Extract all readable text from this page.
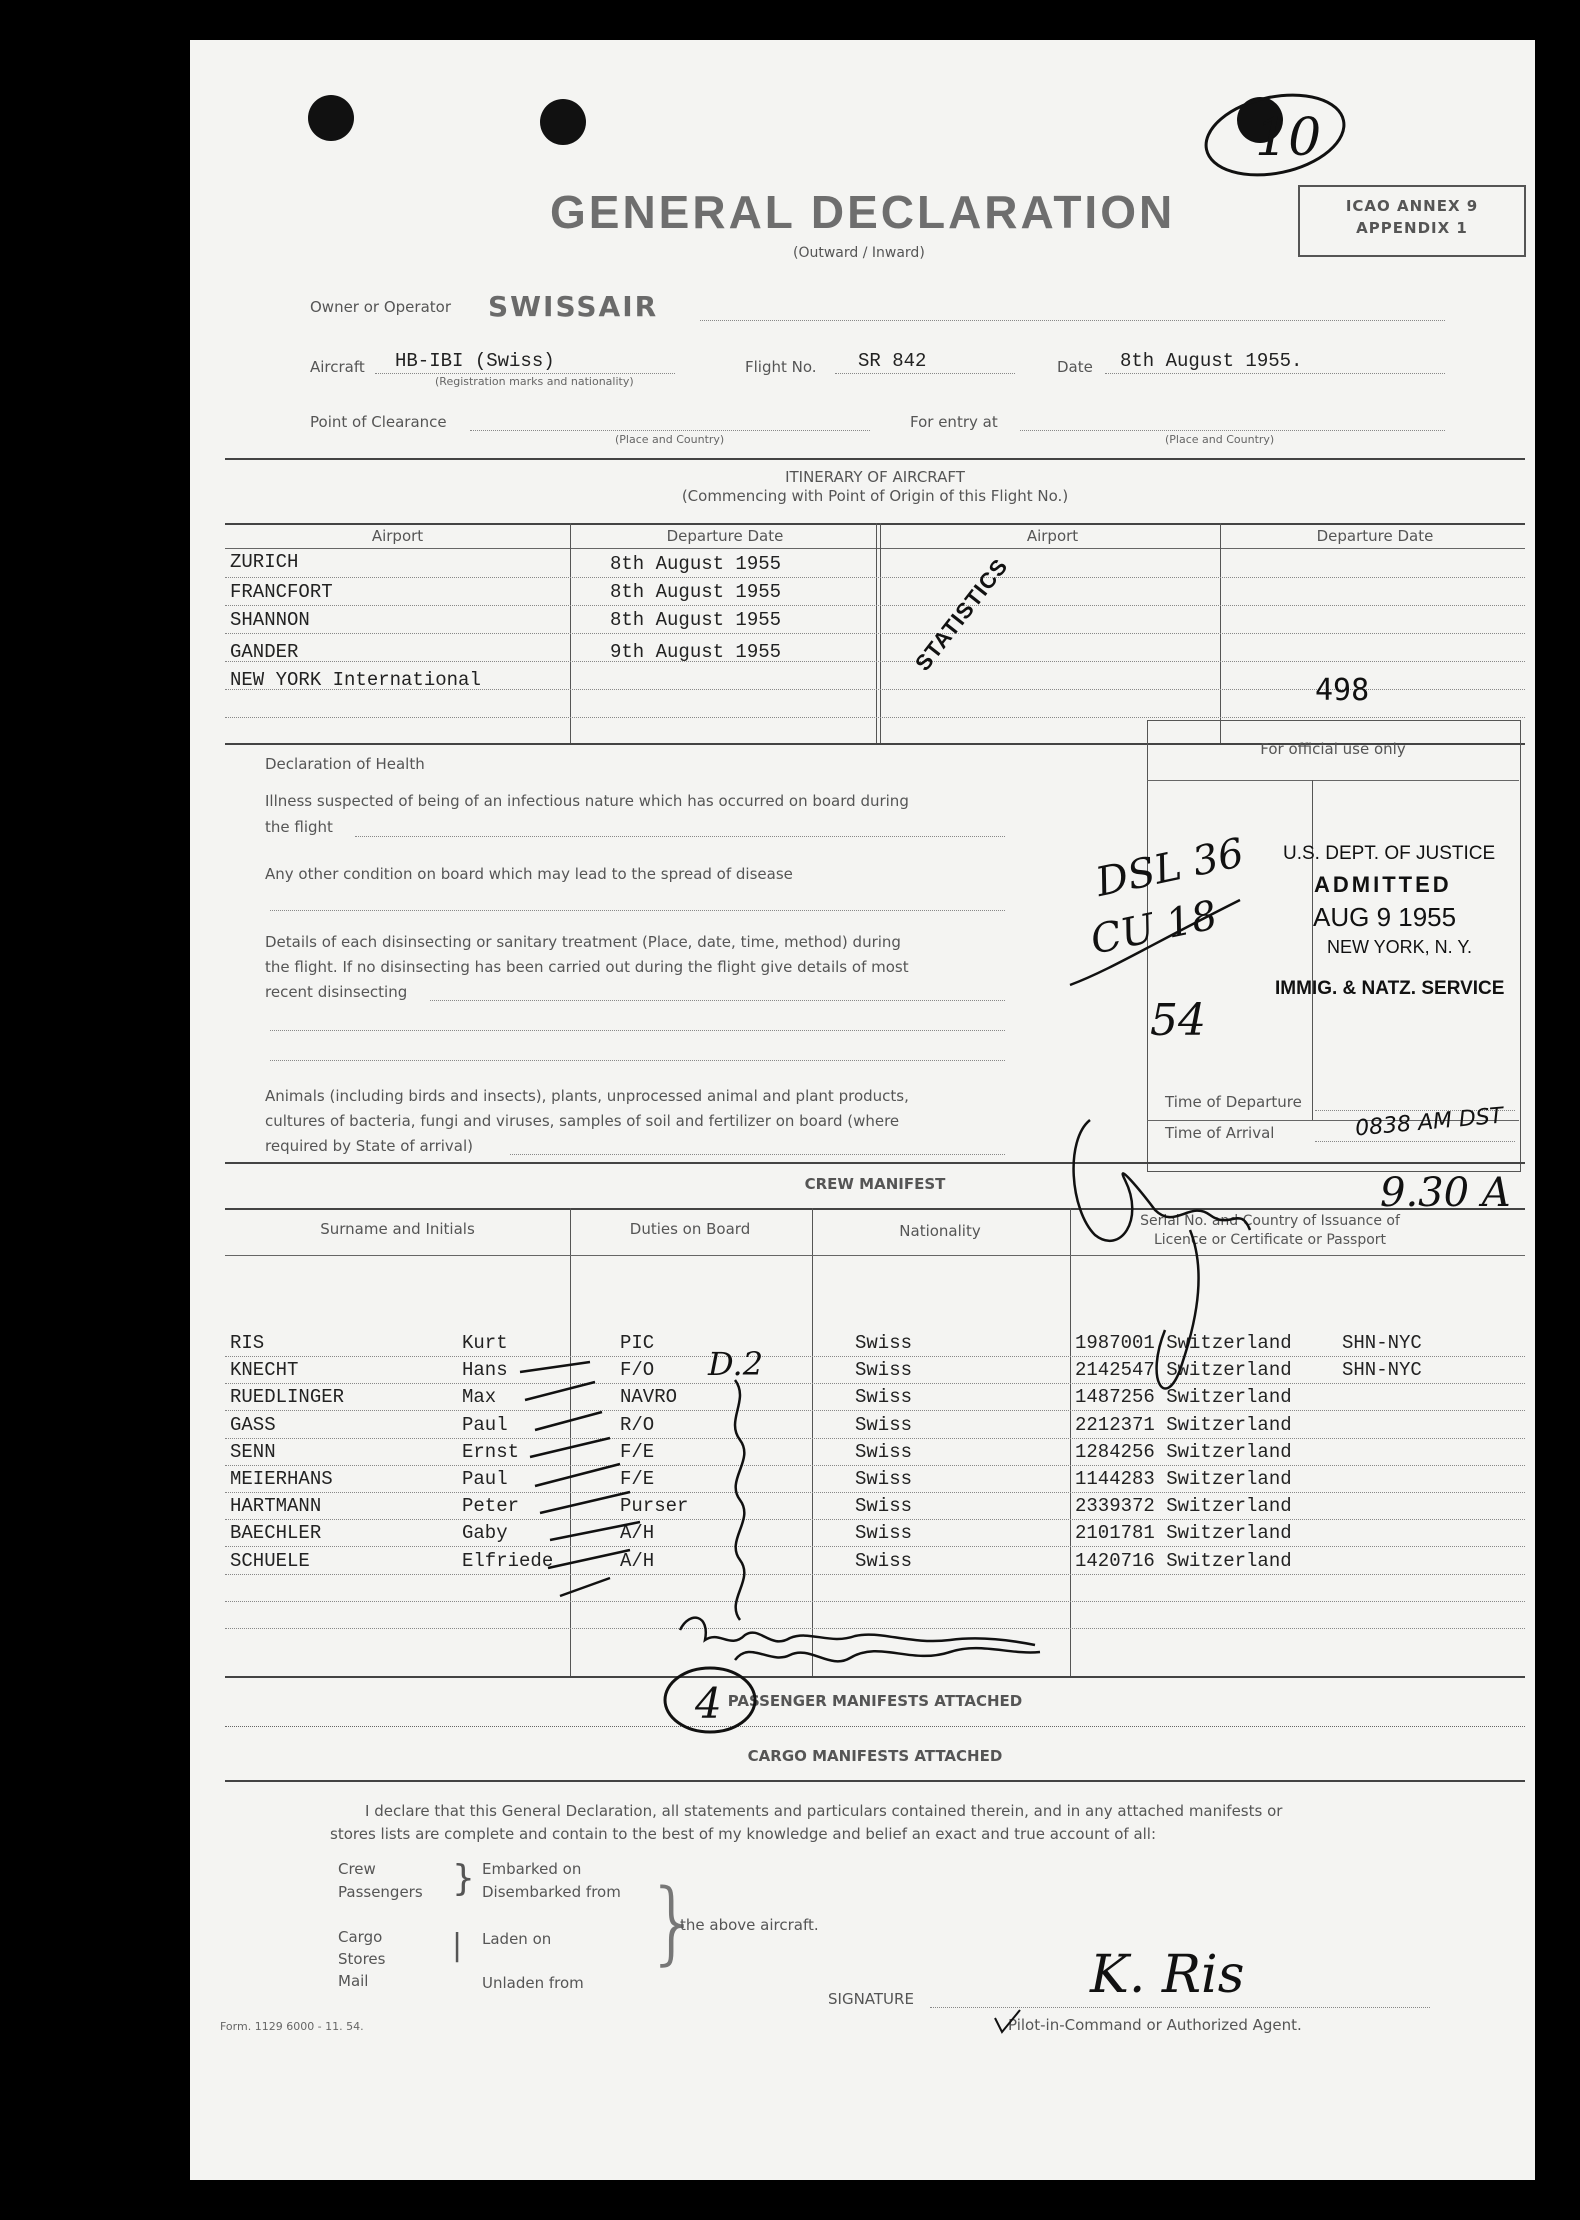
GENERAL DECLARATION
(Outward / Inward)
ICAO ANNEX 9
APPENDIX 1
Owner or Operator SWISSAIR
Aircraft HB-IBI (Swiss)
(Registration marks and nationality)
Flight No. SR 842	Date 8th August 1955.
Point of Clearance
(Place and Country)
For entry at
(Place and Country)
ITINERARY OF AIRCRAFT
(Commencing with Point of Origin of this Flight No.)
Airport	Departure Date	Airport	Departure Date
ZURICH	8th August 1955
FRANCFORT	8th August 1955
SHANNON	8th August 1955
GANDER	9th August 1955
NEW YORK International	498
STATISTICS
Declaration of Health
Illness suspected of being of an infectious nature which has occurred on board during
the flight
Any other condition on board which may lead to the spread of disease
Details of each disinsecting or sanitary treatment (Place, date, time, method) during
the flight. If no disinsecting has been carried out during the flight give details of most
recent disinsecting
Animals (including birds and insects), plants, unprocessed animal and plant products,
cultures of bacteria, fungi and viruses, samples of soil and fertilizer on board (where
required by State of arrival)
For official use only
U.S. DEPT. OF JUSTICE
ADMITTED
AUG 9 1955
NEW YORK, N. Y.
IMMIG. & NATZ. SERVICE
Time of Departure
Time of Arrival	0838 AM DST
DSL 36
CU 18
54
9.30 A
CREW MANIFEST
Surname and Initials	Duties on Board	Nationality
Serial No. and Country of Issuance of Licence or Certificate or Passport
RIS	Kurt	PIC	Swiss	1987001 Switzerland	SHN-NYC
KNECHT	Hans	F/O	Swiss	2142547 Switzerland	SHN-NYC
RUEDLINGER	Max	NAVRO	Swiss	1487256 Switzerland
GASS	Paul	R/O	Swiss	2212371 Switzerland
SENN	Ernst	F/E	Swiss	1284256 Switzerland
MEIERHANS	Paul	F/E	Swiss	1144283 Switzerland
HARTMANN	Peter	Purser	Swiss	2339372 Switzerland
BAECHLER	Gaby	A/H	Swiss	2101781 Switzerland
SCHUELE	Elfriede	A/H	Swiss	1420716 Switzerland
D.2
PASSENGER MANIFESTS ATTACHED
CARGO MANIFESTS ATTACHED
I declare that this General Declaration, all statements and particulars contained therein, and in any attached manifests or
stores lists are complete and contain to the best of my knowledge and belief an exact and true account of all:
Crew
Passengers } Embarked on
Disembarked from
Cargo
Stores
Mail
| Laden on
Unladen from
}
the above aircraft.
SIGNATURE	K. Ris
Pilot-in-Command or Authorized Agent.
Form. 1129 6000 - 11. 54.
10
4
